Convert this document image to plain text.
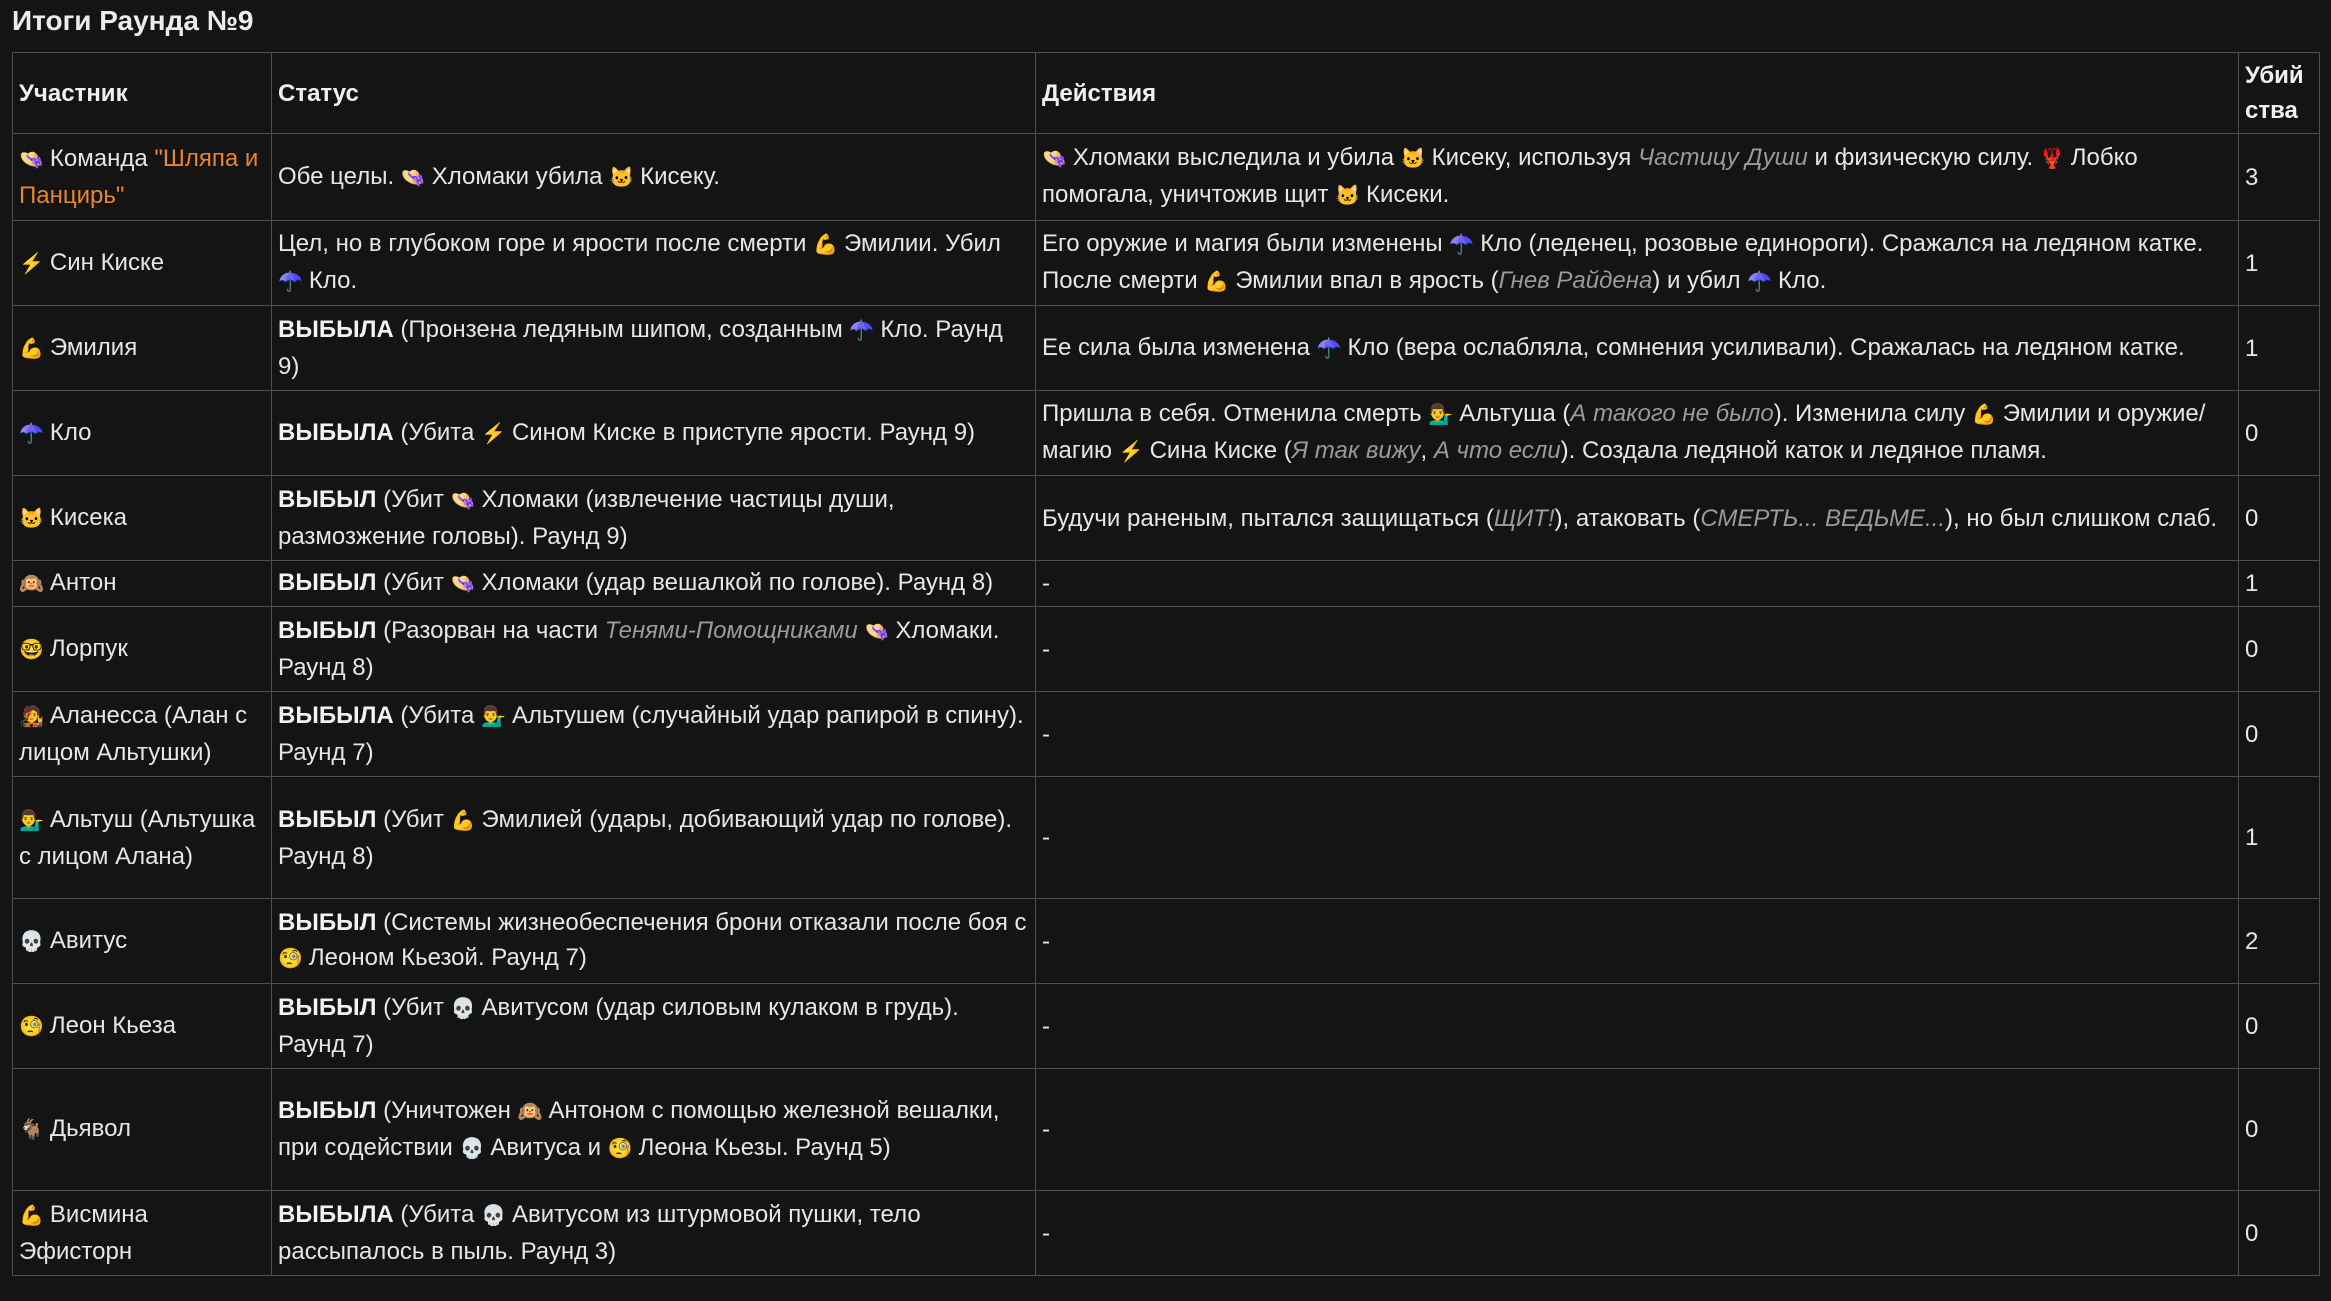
Итоги Раунда №9
Участник	Статус	Действия	Убий
ства
👒 Команда "Шляпа и Панцирь"	Обе целы. 👒 Хломаки убила 🐱 Кисеку.	👒 Хломаки выследила и убила 🐱 Кисеку, используя Частицу Души и физическую силу. 🦞 Лобко помогала, уничтожив щит 🐱 Кисеки.	3
⚡ Син Киске	Цел, но в глубоком горе и ярости после смерти 💪 Эмилии. Убил ☂️ Кло.	Его оружие и магия были изменены ☂️ Кло (леденец, розовые единороги). Сражался на ледяном катке. После смерти 💪 Эмилии впал в ярость (Гнев Райдена) и убил ☂️ Кло.	1
💪 Эмилия	ВЫБЫЛА (Пронзена ледяным шипом, созданным ☂️ Кло. Раунд 9)	Ее сила была изменена ☂️ Кло (вера ослабляла, сомнения усиливали). Сражалась на ледяном катке.	1
☂️ Кло	ВЫБЫЛА (Убита ⚡ Сином Киске в приступе ярости. Раунд 9)	Пришла в себя. Отменила смерть 💁‍♂️ Альтуша (А такого не было). Изменила силу 💪 Эмилии и оружие/магию ⚡ Сина Киске (Я так вижу, А что если). Создала ледяной каток и ледяное пламя.	0
🐱 Кисека	ВЫБЫЛ (Убит 👒 Хломаки (извлечение частицы души, размозжение головы). Раунд 9)	Будучи раненым, пытался защищаться (ЩИТ!), атаковать (СМЕРТЬ... ВЕДЬМЕ...), но был слишком слаб.	0
🙉 Антон	ВЫБЫЛ (Убит 👒 Хломаки (удар вешалкой по голове). Раунд 8)	-	1
🤓 Лорпук	ВЫБЫЛ (Разорван на части Тенями-Помощниками 👒 Хломаки. Раунд 8)	-	0
🧑‍🎤 Аланесса (Алан с лицом Альтушки)	ВЫБЫЛА (Убита 💁‍♂️ Альтушем (случайный удар рапирой в спину). Раунд 7)	-	0
💁‍♂️ Альтуш (Альтушка с лицом Алана)	ВЫБЫЛ (Убит 💪 Эмилией (удары, добивающий удар по голове). Раунд 8)	-	1
💀 Авитус	ВЫБЫЛ (Системы жизнеобеспечения брони отказали после боя с 🧐 Леоном Кьезой. Раунд 7)	-	2
🧐 Леон Кьеза	ВЫБЫЛ (Убит 💀 Авитусом (удар силовым кулаком в грудь). Раунд 7)	-	0
🐐 Дьявол	ВЫБЫЛ (Уничтожен 🙉 Антоном с помощью железной вешалки, при содействии 💀 Авитуса и 🧐 Леона Кьезы. Раунд 5)	-	0
💪 Висмина Эфисторн	ВЫБЫЛА (Убита 💀 Авитусом из штурмовой пушки, тело рассыпалось в пыль. Раунд 3)	-	0
